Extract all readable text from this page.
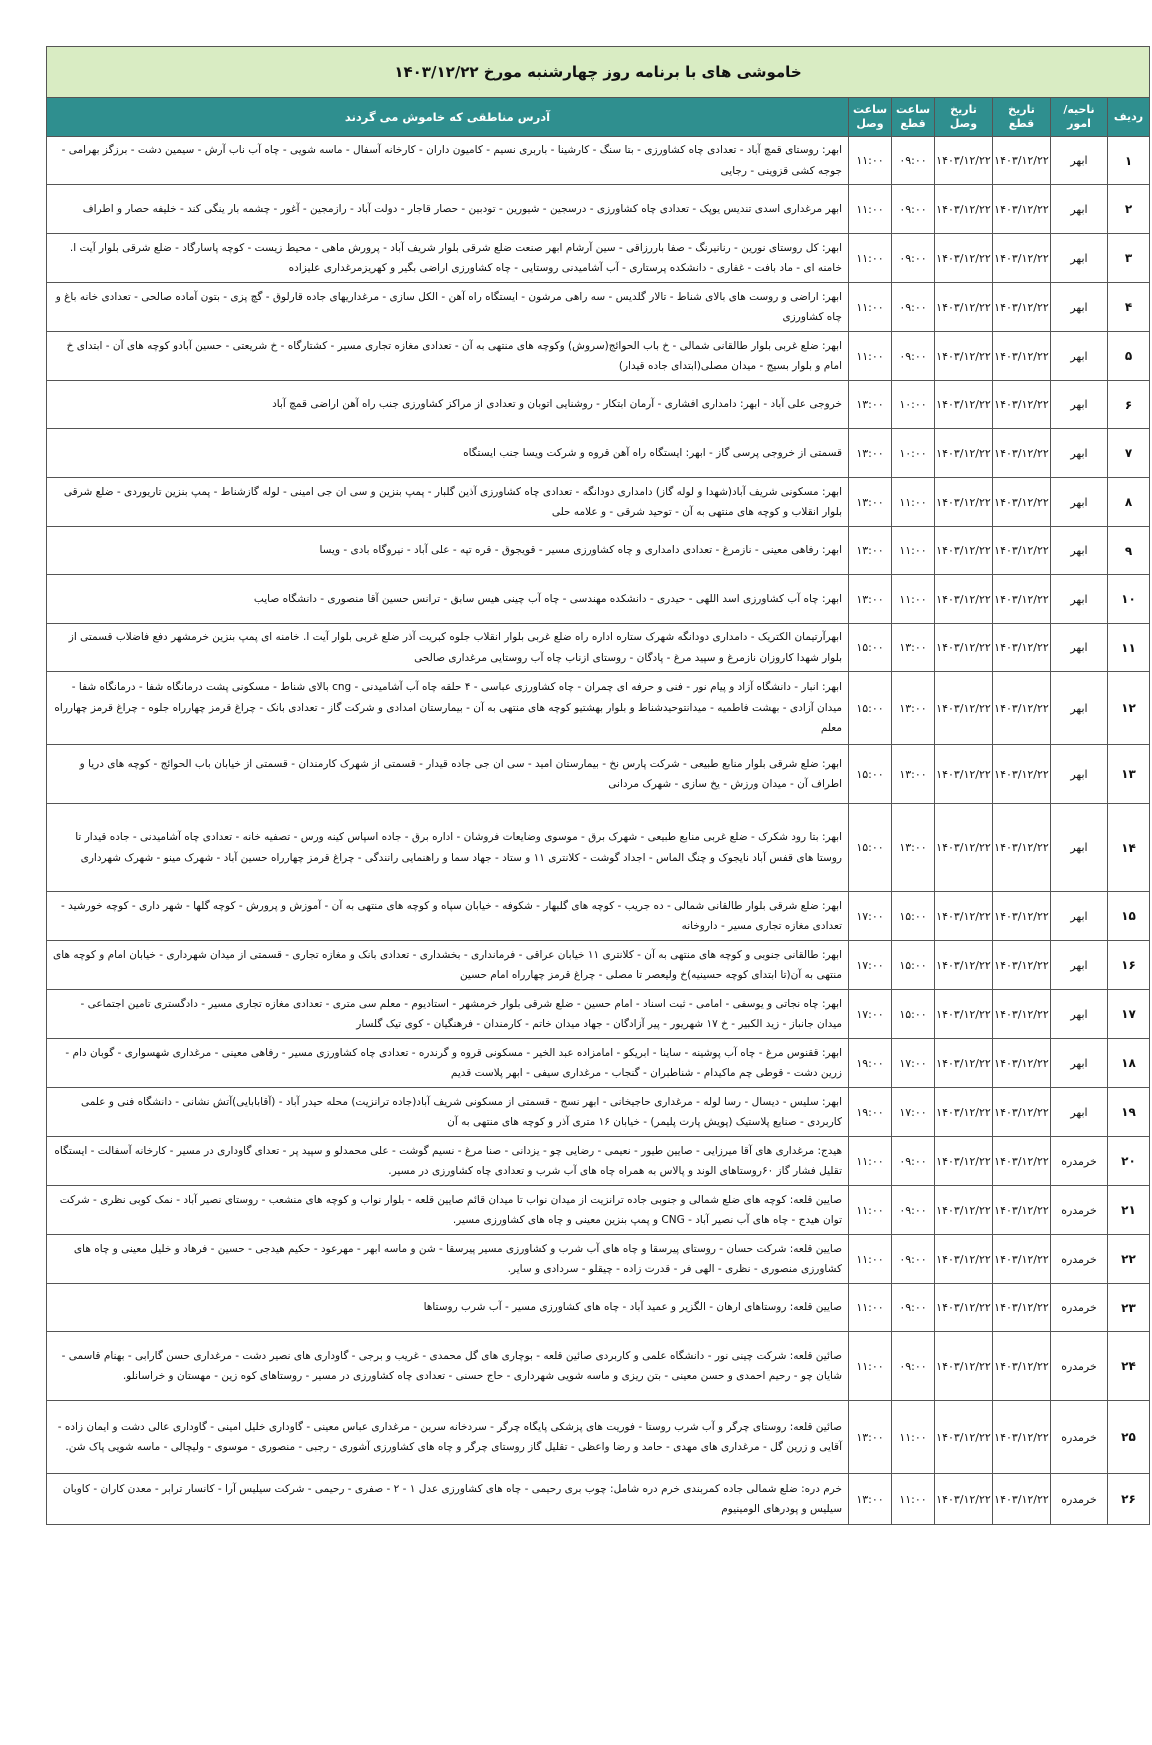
خاموشی های با برنامه روز چهارشنبه مورخ ۱۴۰۳/۱۲/۲۲						
ردیف	ناحیه/امور	تاریخ قطع	تاریخ وصل	ساعت قطع	ساعت وصل	آدرس مناطقی که خاموش می گردند
۱	ابهر	۱۴۰۳/۱۲/۲۲	۱۴۰۳/۱۲/۲۲	۰۹:۰۰	۱۱:۰۰	ابهر: روستای قمچ آباد - تعدادی چاه کشاورزی - بتا سنگ - کارشینا - باربری نسیم - کامیون داران - کارخانه آسفال - ماسه شویی - چاه آب ناب آرش - سیمین دشت - برزگز بهرامی - جوجه کشی قزوینی - رجایی
۲	ابهر	۱۴۰۳/۱۲/۲۲	۱۴۰۳/۱۲/۲۲	۰۹:۰۰	۱۱:۰۰	ابهر مرغداری اسدی تندیس یوپک - تعدادی چاه کشاورزی - درسجین - شیورین - تودبین - حصار قاجار - دولت آباد - رازمجین - آغور - چشمه بار ینگی کند - خلیفه حصار و اطراف
۳	ابهر	۱۴۰۳/۱۲/۲۲	۱۴۰۳/۱۲/۲۲	۰۹:۰۰	۱۱:۰۰	ابهر: کل روستای نورین - رنانیرنگ - صفا باررزاقی - سین آرشام ابهر صنعت ضلع شرقی بلوار شریف آباد - پرورش ماهی - محیط زیست - کوچه پاسارگاد - ضلع شرقی بلوار آیت ا. خامنه ای - ماد بافت - غفاری - دانشکده پرستاری - آب آشامیدنی روستایی - چاه کشاورزی اراضی بگیر و کهریزمرغداری علیزاده
۴	ابهر	۱۴۰۳/۱۲/۲۲	۱۴۰۳/۱۲/۲۲	۰۹:۰۰	۱۱:۰۰	ابهر: اراضی و روست های بالای شناط - تالار گلدیس - سه راهی مرشون - ایستگاه راه آهن - الکل سازی - مرغداریهای جاده قارلوق - گچ پزی - بتون آماده صالحی - تعدادی خانه باغ و چاه کشاورزی
۵	ابهر	۱۴۰۳/۱۲/۲۲	۱۴۰۳/۱۲/۲۲	۰۹:۰۰	۱۱:۰۰	ابهر: ضلع غربی بلوار طالقانی شمالی - خ باب الحوائج(سروش) وکوچه های منتهی به آن - تعدادی مغازه تجاری مسیر - کشتارگاه - خ شریعتی - حسین آبادو کوچه های آن - ابتدای خ امام و بلوار بسیج - میدان مصلی(ابتدای جاده قیدار)
۶	ابهر	۱۴۰۳/۱۲/۲۲	۱۴۰۳/۱۲/۲۲	۱۰:۰۰	۱۳:۰۰	خروجی علی آباد - ابهر: دامداری افشاری - آرمان ابتکار - روشنایی اتوبان و تعدادی از مراکز کشاورزی جنب راه آهن اراضی قمچ آباد
۷	ابهر	۱۴۰۳/۱۲/۲۲	۱۴۰۳/۱۲/۲۲	۱۰:۰۰	۱۳:۰۰	قسمتی از خروجی پرسی گاز - ابهر: ایستگاه راه آهن قروه و شرکت ویسا جنب ایستگاه
۸	ابهر	۱۴۰۳/۱۲/۲۲	۱۴۰۳/۱۲/۲۲	۱۱:۰۰	۱۳:۰۰	ابهر: مسکونی شریف آباد(شهدا و لوله گاز) دامداری دودانگه - تعدادی چاه کشاورزی آذین گلبار - پمپ بنزین و سی ان جی امینی - لوله گازشناط - پمپ بنزین تاریوردی - ضلع شرقی بلوار انقلاب و کوچه های منتهی به آن - توحید شرقی - و علامه حلی
۹	ابهر	۱۴۰۳/۱۲/۲۲	۱۴۰۳/۱۲/۲۲	۱۱:۰۰	۱۳:۰۰	ابهر: رفاهی معینی - نازمرغ - تعدادی دامداری و چاه کشاورزی مسیر - قویجوق - قره تپه - علی آباد - نیروگاه بادی - ویسا
۱۰	ابهر	۱۴۰۳/۱۲/۲۲	۱۴۰۳/۱۲/۲۲	۱۱:۰۰	۱۳:۰۰	ابهر: چاه آب کشاورزی اسد اللهی - حیدری - دانشکده مهندسی - چاه آب چینی هیس سابق - ترانس حسین آقا منصوری - دانشگاه صایب
۱۱	ابهر	۱۴۰۳/۱۲/۲۲	۱۴۰۳/۱۲/۲۲	۱۳:۰۰	۱۵:۰۰	ابهرآرتیمان الکتریک - دامداری دودانگه شهرک ستاره اداره راه ضلع غربی بلوار انقلاب جلوه کبریت آذر ضلع غربی بلوار آیت ا. خامنه ای پمپ بنزین خرمشهر دفع فاضلاب قسمتی از بلوار شهدا کاروزان نازمرغ و سپید مرغ - پادگان - روستای ازناب چاه آب روستایی مرغداری صالحی
۱۲	ابهر	۱۴۰۳/۱۲/۲۲	۱۴۰۳/۱۲/۲۲	۱۳:۰۰	۱۵:۰۰	ابهر: انبار - دانشگاه آزاد و پیام نور - فنی و حرفه ای چمران - چاه کشاورزی عباسی - ۴ حلقه چاه آب آشامیدنی - cng بالای شناط - مسکونی پشت درمانگاه شفا - درمانگاه شفا - میدان آزادی - بهشت فاطمیه - میدانتوحیدشناط و بلوار بهشتیو کوچه های منتهی به آن - بیمارستان امدادی و شرکت گاز - تعدادی بانک - چراغ قرمز چهارراه جلوه - چراغ قرمز چهارراه معلم
۱۳	ابهر	۱۴۰۳/۱۲/۲۲	۱۴۰۳/۱۲/۲۲	۱۳:۰۰	۱۵:۰۰	ابهر: ضلع شرقی بلوار منابع طبیعی - شرکت پارس نخ - بیمارستان امید - سی ان جی جاده قیدار - قسمتی از شهرک کارمندان - قسمتی از خیابان باب الحوائج - کوچه های دریا و اطراف آن - میدان ورزش - یخ سازی - شهرک مردانی
۱۴	ابهر	۱۴۰۳/۱۲/۲۲	۱۴۰۳/۱۲/۲۲	۱۳:۰۰	۱۵:۰۰	ابهر: بتا رود شکرک - ضلع غربی منابع طبیعی - شهرک برق - موسوی وضایعات فروشان - اداره برق - جاده اسپاس کینه ورس - تصفیه خانه - تعدادی چاه آشامیدنی - جاده قیدار تا روستا های قفس آباد نایجوک و چنگ الماس - اجداد گوشت - کلانتری ۱۱ و ستاد - جهاد سما و راهنمایی رانندگی - چراغ قرمز چهارراه حسین آباد - شهرک مینو - شهرک شهرداری
۱۵	ابهر	۱۴۰۳/۱۲/۲۲	۱۴۰۳/۱۲/۲۲	۱۵:۰۰	۱۷:۰۰	ابهر: ضلع شرقی بلوار طالقانی شمالی - ده جریب - کوچه های گلبهار - شکوفه - خیابان سپاه و کوچه های منتهی به آن - آموزش و پرورش - کوچه گلها - شهر داری - کوچه خورشید - تعدادی مغازه تجاری مسیر - داروخانه
۱۶	ابهر	۱۴۰۳/۱۲/۲۲	۱۴۰۳/۱۲/۲۲	۱۵:۰۰	۱۷:۰۰	ابهر: طالقانی جنوبی و کوچه های منتهی به آن - کلانتری ۱۱ خیابان عراقی - فرمانداری - بخشداری - تعدادی بانک و مغازه تجاری - قسمتی از میدان شهرداری - خیابان امام و کوچه های منتهی به آن(تا ابتدای کوچه حسینیه)خ ولیعصر تا مصلی - چراغ قرمز چهارراه امام حسین
۱۷	ابهر	۱۴۰۳/۱۲/۲۲	۱۴۰۳/۱۲/۲۲	۱۵:۰۰	۱۷:۰۰	ابهر: چاه نجاتی و یوسفی - امامی - ثبت اسناد - امام حسین - ضلع شرقی بلوار خرمشهر - استادیوم - معلم سی متری - تعدادی مغازه تجاری مسیر - دادگستری تامین اجتماعی - میدان جانباز - زید الکبیر - خ ۱۷ شهریور - پیر آزادگان - جهاد میدان خاتم - کارمندان - فرهنگیان - کوی تیک گلسار
۱۸	ابهر	۱۴۰۳/۱۲/۲۲	۱۴۰۳/۱۲/۲۲	۱۷:۰۰	۱۹:۰۰	ابهر: ققنوس مرغ - چاه آب پوشینه - ساینا - ابریکو - امامزاده عبد الخیر - مسکونی قروه و گرندره - تعدادی چاه کشاورزی مسیر - رفاهی معینی - مرغداری شهسواری - گوبان دام - زرین دشت - قوطی چم ماکیدام - شناطبران - گنجاب - مرغداری سیفی - ابهر پلاست قدیم
۱۹	ابهر	۱۴۰۳/۱۲/۲۲	۱۴۰۳/۱۲/۲۲	۱۷:۰۰	۱۹:۰۰	ابهر: سلیس - دیسال - رسا لوله - مرغداری حاجیخانی - ابهر نسج - قسمتی از مسکونی شریف آباد(جاده ترانزیت) محله حیدر آباد - (آقابابایی)آتش نشانی - دانشگاه فنی و علمی کاربردی - صنایع پلاستیک (پویش پارت پلیمر) - خیابان ۱۶ متری آذر و کوچه های منتهی به آن
۲۰	خرمدره	۱۴۰۳/۱۲/۲۲	۱۴۰۳/۱۲/۲۲	۰۹:۰۰	۱۱:۰۰	هیدج: مرغداری های آقا میرزایی - صایین طیور - نعیمی - رضایی چو - یزدانی - صنا مرغ - نسیم گوشت - علی محمدلو و سپید پر - تعدای گاوداری در مسیر - کارخانه آسفالت - ایستگاه تقلیل فشار گاز ۶۰روستاهای الوند و پالاس به همراه چاه های آب شرب و تعدادی چاه کشاورزی در مسیر.
۲۱	خرمدره	۱۴۰۳/۱۲/۲۲	۱۴۰۳/۱۲/۲۲	۰۹:۰۰	۱۱:۰۰	صایین قلعه: کوچه های ضلع شمالی و جنوبی جاده ترانزیت از میدان نواب تا میدان قائم صایین قلعه - بلوار نواب و کوچه های منشعب - روستای نصیر آباد - نمک کوبی نظری - شرکت توان هیدج - چاه های آب نصیر آباد - CNG و پمپ بنزین معینی و چاه های کشاورزی مسیر.
۲۲	خرمدره	۱۴۰۳/۱۲/۲۲	۱۴۰۳/۱۲/۲۲	۰۹:۰۰	۱۱:۰۰	صایین قلعه: شرکت حسان - روستای پیرسقا و چاه های آب شرب و کشاورزی مسیر پیرسقا - شن و ماسه ابهر - مهرعود - حکیم هیدجی - حسین - فرهاد و خلیل معینی و چاه های کشاورزی منصوری - نظری - الهی فر - قدرت زاده - چیقلو - سردادی و سایر.
۲۳	خرمدره	۱۴۰۳/۱۲/۲۲	۱۴۰۳/۱۲/۲۲	۰۹:۰۰	۱۱:۰۰	صایین قلعه: روستاهای ارهان - الگزیر و عمید آباد - چاه های کشاورزی مسیر - آب شرب روستاها
۲۴	خرمدره	۱۴۰۳/۱۲/۲۲	۱۴۰۳/۱۲/۲۲	۰۹:۰۰	۱۱:۰۰	صائین قلعه: شرکت چینی نور - دانشگاه علمی و کاربردی صائین قلعه - بوچاری های گل محمدی - غریب و برجی - گاوداری های نصیر دشت - مرغداری حسن گارابی - بهنام قاسمی - شایان چو - رحیم احمدی و حسن معینی - بتن ریزی و ماسه شویی شهرداری - حاج حسنی - تعدادی چاه کشاورزی در مسیر - روستاهای کوه زین - مهستان و خراسانلو.
۲۵	خرمدره	۱۴۰۳/۱۲/۲۲	۱۴۰۳/۱۲/۲۲	۱۱:۰۰	۱۳:۰۰	صائین قلعه: روستای چرگر و آب شرب روستا - فوریت های پزشکی پایگاه چرگر - سردخانه سرین - مرغداری عباس معینی - گاوداری خلیل امینی - گاوداری عالی دشت و ایمان زاده - آقایی و زرین گل - مرغداری های مهدی - حامد و رضا واعظی - تقلیل گاز روستای چرگر و چاه های کشاورزی آشوری - رجبی - منصوری - موسوی - ولیچالی - ماسه شویی پاک شن.
۲۶	خرمدره	۱۴۰۳/۱۲/۲۲	۱۴۰۳/۱۲/۲۲	۱۱:۰۰	۱۳:۰۰	خرم دره: ضلع شمالی جاده کمربندی خرم دره شامل: چوب بری رحیمی - چاه های کشاورزی عدل ۱ - ۲ - صفری - رحیمی - شرکت سیلیس آرا - کانسار ترابر - معدن کاران - کاوبان سیلیس و پودرهای الومینیوم
